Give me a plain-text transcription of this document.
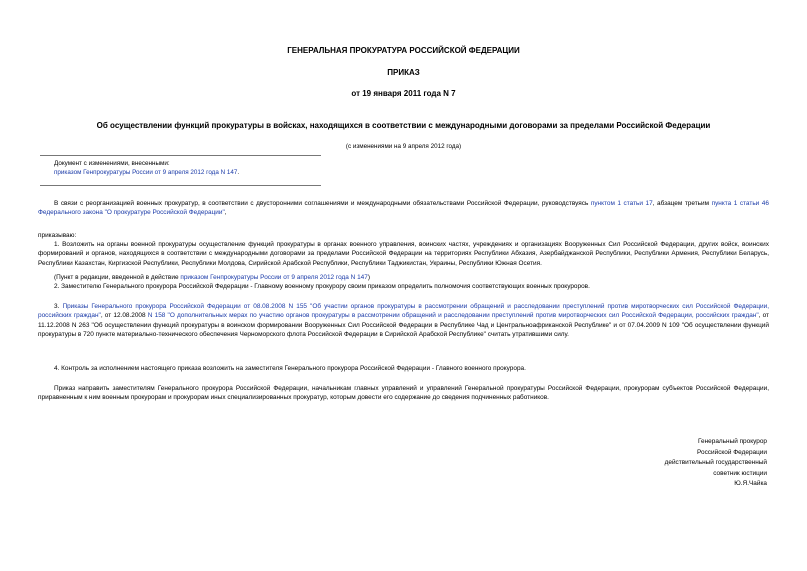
ГЕНЕРАЛЬНАЯ ПРОКУРАТУРА РОССИЙСКОЙ ФЕДЕРАЦИИ
ПРИКАЗ
от 19 января 2011 года N 7
Об осуществлении функций прокуратуры в войсках, находящихся в соответствии с международными договорами за пределами Российской Федерации
(с изменениями на 9 апреля 2012 года)
Документ с изменениями, внесенными:
приказом Генпрокуратуры России от 9 апреля 2012 года N 147.
В связи с реорганизацией военных прокуратур, в соответствии с двусторонними соглашениями и международными обязательствами Российской Федерации, руководствуясь пунктом 1 статьи 17, абзацем третьим пункта 1 статьи 46 Федерального закона "О прокуратуре Российской Федерации",
приказываю:
1. Возложить на органы военной прокуратуры осуществление функций прокуратуры в органах военного управления, воинских частях, учреждениях и организациях Вооруженных Сил Российской Федерации, других войск, воинских формирований и органов, находящихся в соответствии с международными договорами за пределами Российской Федерации на территориях Республики Абхазия, Азербайджанской Республики, Республики Армения, Республики Беларусь, Республики Казахстан, Киргизской Республики, Республики Молдова, Сирийской Арабской Республики, Республики Таджикистан, Украины, Республики Южная Осетия.
(Пункт в редакции, введенной в действие приказом Генпрокуратуры России от 9 апреля 2012 года N 147)
2. Заместителю Генерального прокурора Российской Федерации - Главному военному прокурору своим приказом определить полномочия соответствующих военных прокуроров.
3. Приказы Генерального прокурора Российской Федерации от 08.08.2008 N 155 "Об участии органов прокуратуры в рассмотрении обращений и расследовании преступлений против миротворческих сил Российской Федерации, российских граждан", от 12.08.2008 N 158 "О дополнительных мерах по участию органов прокуратуры в рассмотрении обращений и расследовании преступлений против миротворческих сил Российской Федерации, российских граждан", от 11.12.2008 N 263 "Об осуществлении функций прокуратуры в воинском формировании Вооруженных Сил Российской Федерации в Республике Чад и Центральноафриканской Республике" и от 07.04.2009 N 109 "Об осуществлении функций прокуратуры в 720 пункте материально-технического обеспечения Черноморского флота Российской Федерации в Сирийской Арабской Республике" считать утратившими силу.
4. Контроль за исполнением настоящего приказа возложить на заместителя Генерального прокурора Российской Федерации - Главного военного прокурора.
Приказ направить заместителям Генерального прокурора Российской Федерации, начальникам главных управлений и управлений Генеральной прокуратуры Российской Федерации, прокурорам субъектов Российской Федерации, приравненным к ним военным прокурорам и прокурорам иных специализированных прокуратур, которым довести его содержание до сведения подчиненных работников.
Генеральный прокурор
Российской Федерации
действительный государственный
советник юстиции
Ю.Я.Чайка
